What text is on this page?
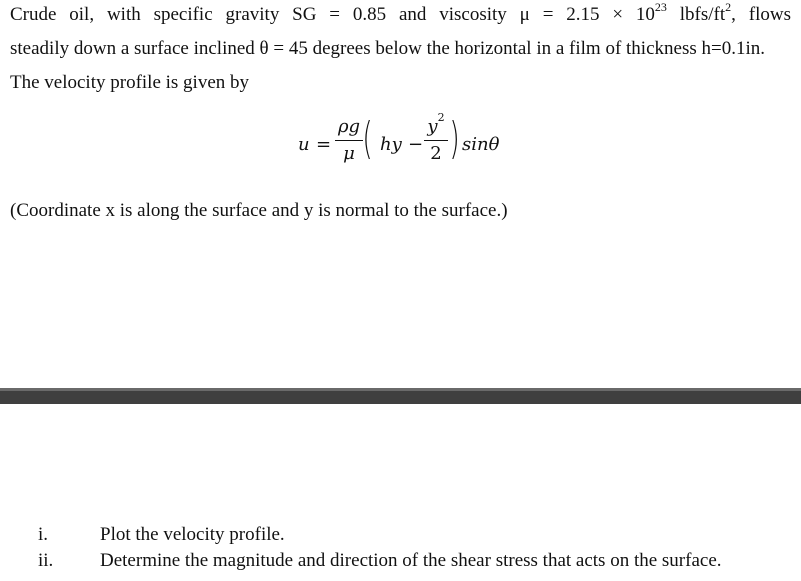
Crude oil, with specific gravity SG = 0.85 and viscosity $\mu = 2.15 \times 10^{23}$ lbfs/$ft^2$, flows
steadily down a surface inclined θ = 45 degrees below the horizontal in a film of thickness h=0.1in.
The velocity profile is given by
u =
ρg
μ ( hy −
$y^2$
2 ) sinθ
(Coordinate x is along the surface and y is normal to the surface.)
i.	Plot the velocity profile.
ii. Determine the magnitude and direction of the shear stress that acts on the surface.
